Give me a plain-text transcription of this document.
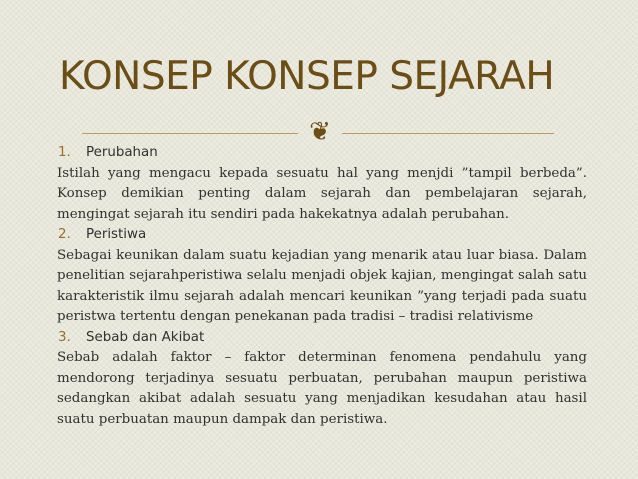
KONSEP KONSEP SEJARAH
❦

1.	Perubahan

Istilah yang mengacu kepada sesuatu hal yang menjdi ”tampil berbeda”. Konsep demikian penting dalam sejarah dan pembelajaran sejarah, mengingat sejarah itu sendiri pada hakekatnya adalah perubahan.

2.	Peristiwa

Sebagai keunikan dalam suatu kejadian yang menarik atau luar biasa. Dalam penelitian sejarahperistiwa selalu menjadi objek kajian, mengingat salah satu karakteristik ilmu sejarah adalah mencari keunikan ”yang terjadi pada suatu peristwa tertentu dengan penekanan pada tradisi – tradisi relativisme

3.	Sebab dan Akibat

Sebab adalah faktor – faktor determinan fenomena pendahulu yang mendorong terjadinya sesuatu perbuatan, perubahan maupun peristiwa sedangkan akibat adalah sesuatu yang menjadikan kesudahan atau hasil suatu perbuatan maupun dampak dan peristiwa.
